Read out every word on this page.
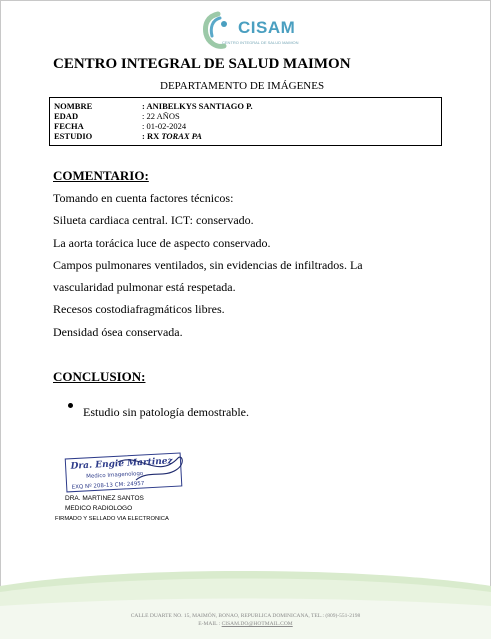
CISAM
CENTRO INTEGRAL DE SALUD MAIMON
CENTRO INTEGRAL DE SALUD MAIMON
DEPARTAMENTO DE IMÁGENES
NOMBRE	: ANIBELKYS SANTIAGO P.
EDAD	: 22 AÑOS
FECHA	: 01-02-2024
ESTUDIO	: RX TORAX PA
COMENTARIO:
Tomando en cuenta factores técnicos:
Silueta cardiaca central. ICT: conservado.
La aorta torácica luce de aspecto conservado.
Campos pulmonares ventilados, sin evidencias de infiltrados. La
vascularidad pulmonar está respetada.
Recesos costodiafragmáticos libres.
Densidad ósea conservada.
CONCLUSION:
Estudio sin patología demostrable.
Dra. Engie Martinez
Medico Imagenologo
EXQ Nº 208-13 CM: 24957
DRA. MARTINEZ SANTOS
MEDICO RADIOLOGO
FIRMADO Y SELLADO VIA ELECTRONICA
CALLE DUARTE NO. 15, MAIMÓN, BONAO, REPUBLICA DOMINICANA, TEL.: (809)-551-2198
E-MAIL : CISAM.DO@HOTMAIL.COM
